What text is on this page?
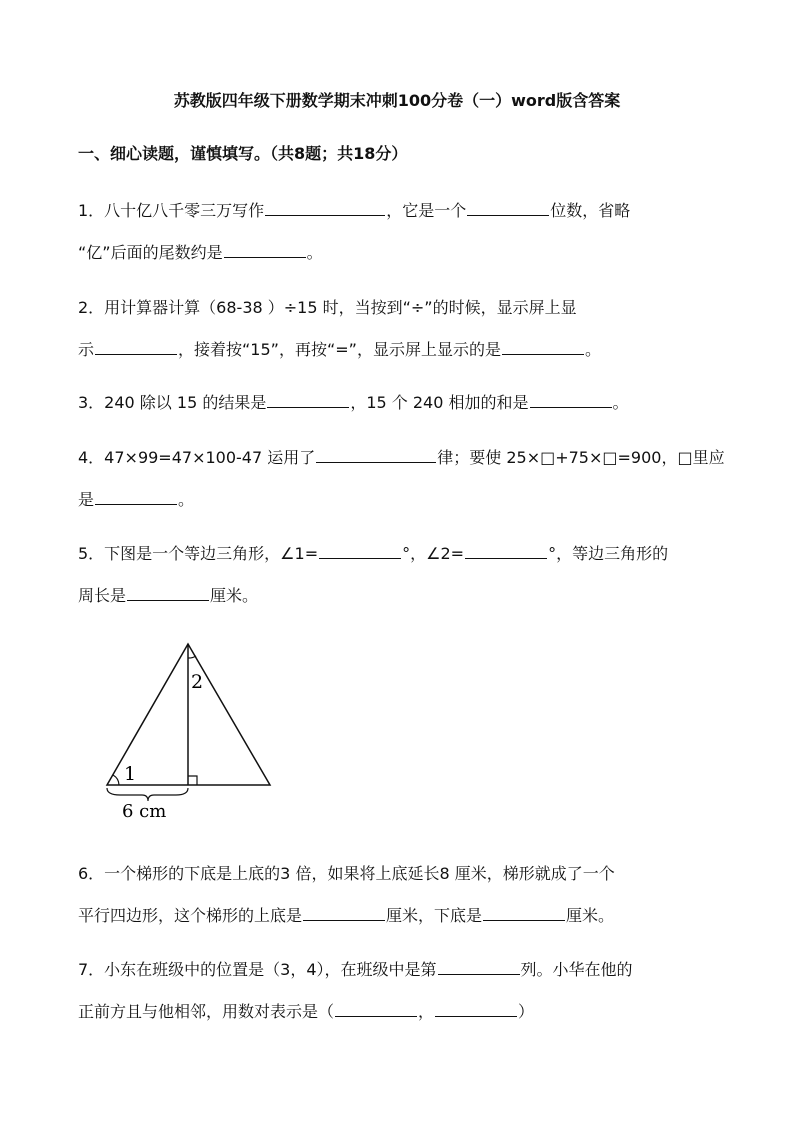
苏教版四年级下册数学期末冲刺100分卷（一）word版含答案
一、细心读题，谨慎填写。（共8题；共18分）
1．八十亿八千零三万写作	，它是一个	位数，省略
“亿”后面的尾数约是	。
2．用计算器计算（68-38 ）÷15 时，当按到“÷”的时候，显示屏上显
示	，接着按“15”，再按“=”，显示屏上显示的是	。
3．240 除以 15 的结果是	，15 个 240 相加的和是	。
4．47×99=47×100-47 运用了	律；要使 25×□+75×□=900，□里应
是	。
5．下图是一个等边三角形，∠1=	°，∠2=	°，等边三角形的
周长是	厘米。
1
2
6 cm
6．一个梯形的下底是上底的3 倍，如果将上底延长8 厘米，梯形就成了一个
平行四边形，这个梯形的上底是	厘米，下底是	厘米。
7．小东在班级中的位置是（3，4），在班级中是第	列。小华在他的
正前方且与他相邻，用数对表示是（	，	）
